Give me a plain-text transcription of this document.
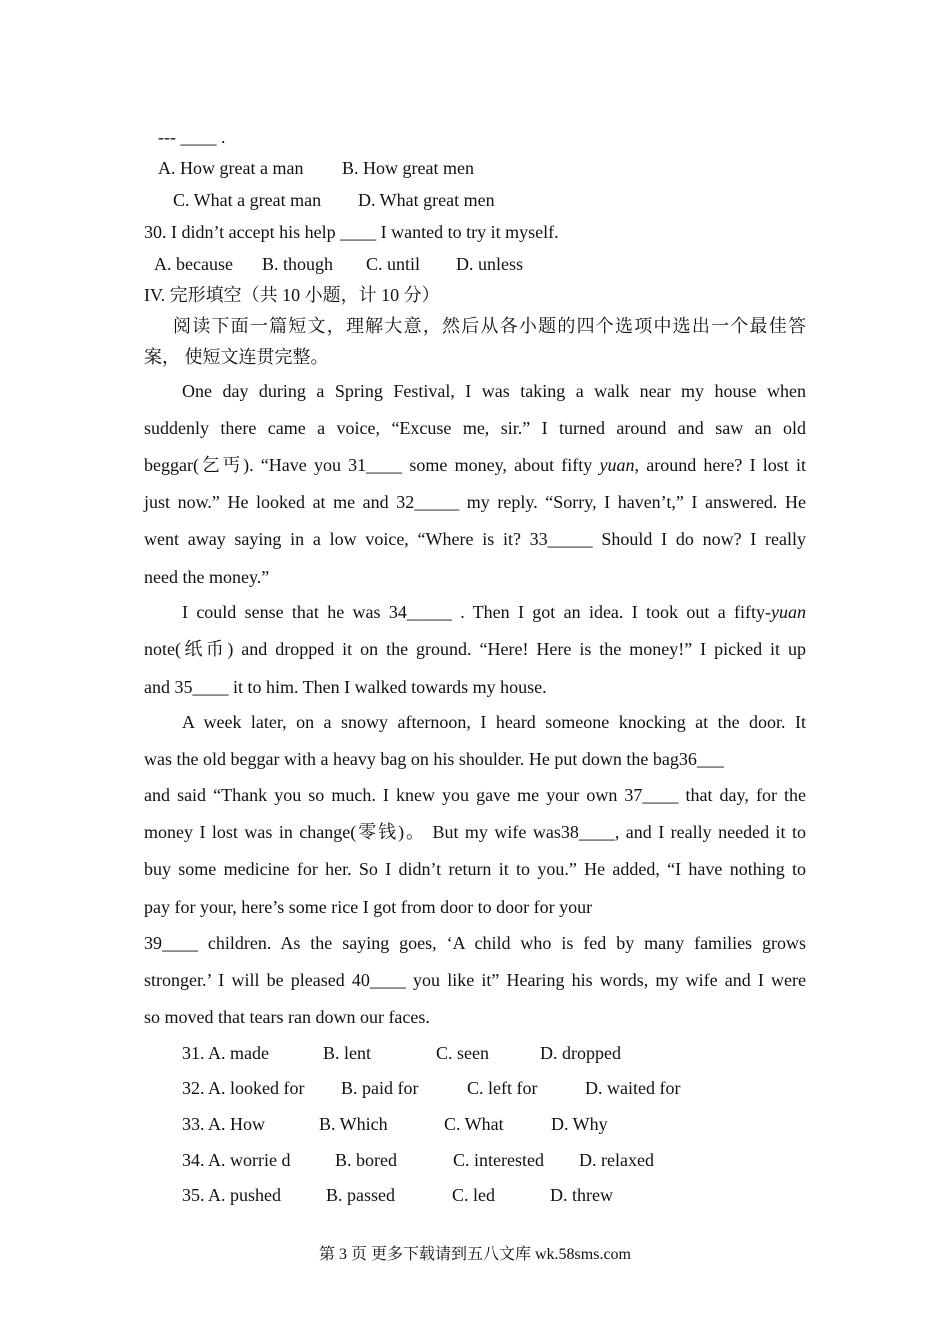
--- ____ .
A. How great a man B. How great men
C. What a great man D. What great men
30. I didn’t accept his help ____ I wanted to try it myself.
A. because B. though C. until D. unless
IV. 完形填空（共 10 小题，计 10 分）
阅读下面一篇短文，理解大意，然后从各小题的四个选项中选出一个最佳答
案， 使短文连贯完整。
One day during a Spring Festival, I was taking a walk near my house when
suddenly there came a voice, “Excuse me, sir.” I turned around and saw an old
beggar(乞丐). “Have you 31____ some money, about fifty yuan, around here? I lost it
just now.” He looked at me and 32_____ my reply. “Sorry, I haven’t,” I answered. He
went away saying in a low voice, “Where is it? 33_____ Should I do now? I really
need the money.”
I could sense that he was 34_____ . Then I got an idea. I took out a fifty-yuan
note(纸币) and dropped it on the ground. “Here! Here is the money!” I picked it up
and 35____ it to him. Then I walked towards my house.
A week later, on a snowy afternoon, I heard someone knocking at the door. It
was the old beggar with a heavy bag on his shoulder. He put down the bag36___
and said “Thank you so much. I knew you gave me your own 37____ that day, for the
money I lost was in change(零钱)。 But my wife was38____, and I really needed it to
buy some medicine for her. So I didn’t return it to you.” He added, “I have nothing to
pay for your, here’s some rice I got from door to door for your
39____ children. As the saying goes, ‘A child who is fed by many families grows
stronger.’ I will be pleased 40____ you like it” Hearing his words, my wife and I were
so moved that tears ran down our faces.
31. A. made	B. lent	C. seen	D. dropped
32. A. looked for B. paid for	C. left for	D. waited for
33. A. How	B. Which	C. What	D. Why
34. A. worrie d B. bored	C. interested D. relaxed
35. A. pushed	B. passed	C. led	D. threw
第 3 页 更多下载请到五八文库 wk.58sms.com
